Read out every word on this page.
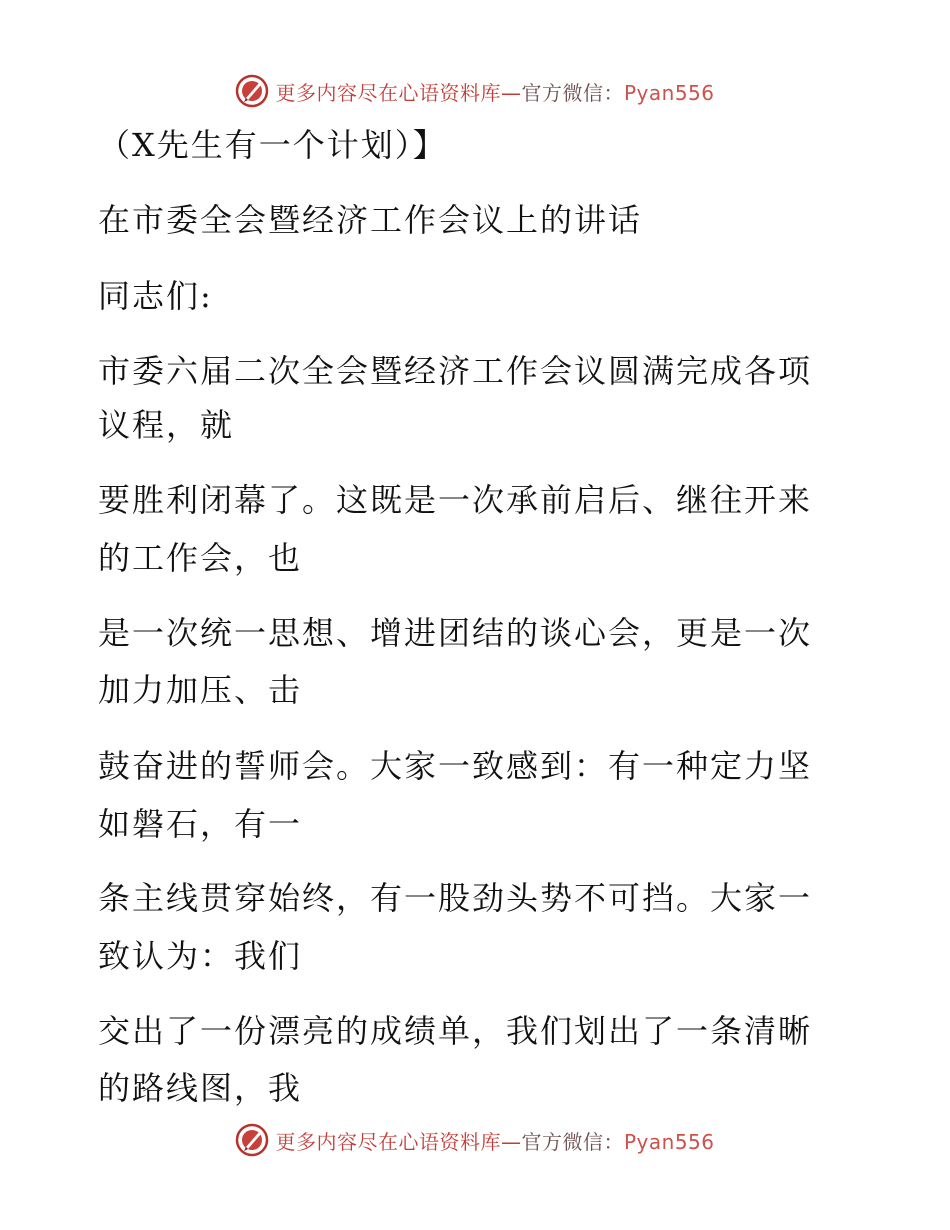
更多内容尽在心语资料库—官方微信：Pyan556
（X先生有一个计划）】
在市委全会暨经济工作会议上的讲话
同志们:
市委六届二次全会暨经济工作会议圆满完成各项
议程，就
要胜利闭幕了。这既是一次承前启后、继往开来
的工作会，也
是一次统一思想、增进团结的谈心会，更是一次
加力加压、击
鼓奋进的誓师会。大家一致感到：有一种定力坚
如磐石，有一
条主线贯穿始终，有一股劲头势不可挡。大家一
致认为：我们
交出了一份漂亮的成绩单，我们划出了一条清晰
的路线图，我
更多内容尽在心语资料库—官方微信：Pyan556
